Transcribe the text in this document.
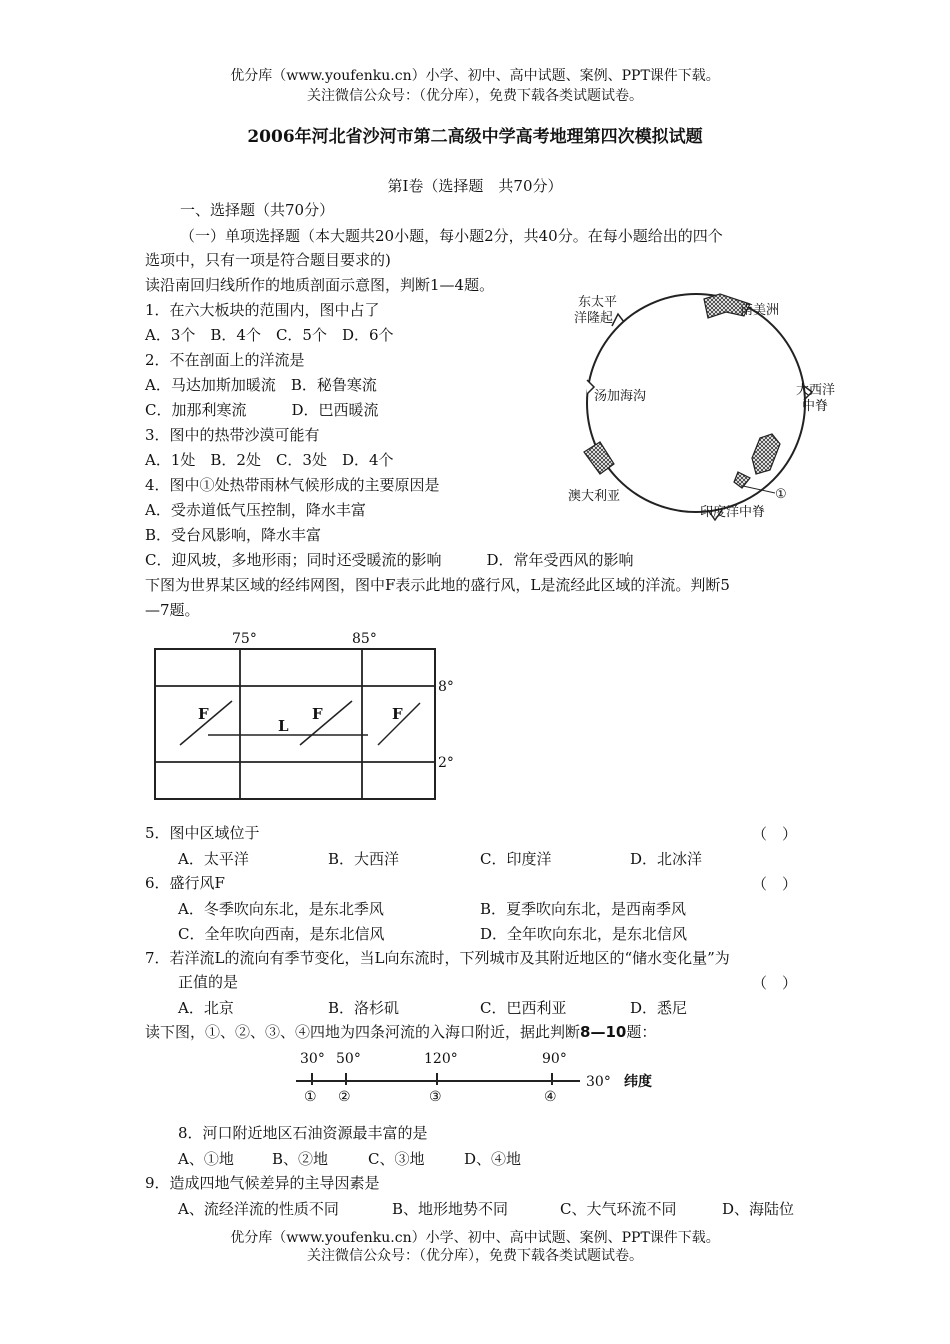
优分库（www.youfenku.cn）小学、初中、高中试题、案例、PPT课件下载。
关注微信公众号：（优分库），免费下载各类试题试卷。
2006年河北省沙河市第二高级中学高考地理第四次模拟试题
第Ⅰ卷（选择题　共70分）
一、选择题（共70分）
（一）单项选择题（本大题共20小题，每小题2分，共40分。在每小题给出的四个
选项中，只有一项是符合题目要求的)
读沿南回归线所作的地质剖面示意图，判断1—4题。
1．在六大板块的范围内，图中占了
A．3个　B．4个　C．5个　D．6个
2．不在剖面上的洋流是
A．马达加斯加暖流　B．秘鲁寒流
C．加那利寒流　　　D．巴西暖流
3．图中的热带沙漠可能有
A．1处　B．2处　C．3处　D．4个
4．图中①处热带雨林气候形成的主要原因是
A．受赤道低气压控制，降水丰富
B．受台风影响，降水丰富
C．迎风坡，多地形雨；同时还受暖流的影响　　　D．常年受西风的影响
东太平
洋隆起
南美洲
大西洋
中脊
汤加海沟
澳大利亚
印度洋中脊
①
下图为世界某区域的经纬网图，图中F表示此地的盛行风，L是流经此区域的洋流。判断5
—7题。
75°	85°
8°
2°
F	F	F
L
5．图中区域位于	（　）
A．太平洋	B．大西洋	C．印度洋	D．北冰洋
6．盛行风F	（　）
A．冬季吹向东北，是东北季风	B．夏季吹向东北，是西南季风
C．全年吹向西南，是东北信风	D．全年吹向东北，是东北信风
7．若洋流L的流向有季节变化，当L向东流时，下列城市及其附近地区的“储水变化量”为
正值的是	（　）
A．北京	B．洛杉矶	C．巴西利亚	D．悉尼
读下图，①、②、③、④四地为四条河流的入海口附近，据此判断8—10题：
30° 50°	120°	90°
30° 纬度
① ②	③	④
8．河口附近地区石油资源最丰富的是
A、①地	B、②地	C、③地	D、④地
9．造成四地气候差异的主导因素是
A、流经洋流的性质不同	B、地形地势不同	C、大气环流不同	D、海陆位
优分库（www.youfenku.cn）小学、初中、高中试题、案例、PPT课件下载。
关注微信公众号：（优分库），免费下载各类试题试卷。
